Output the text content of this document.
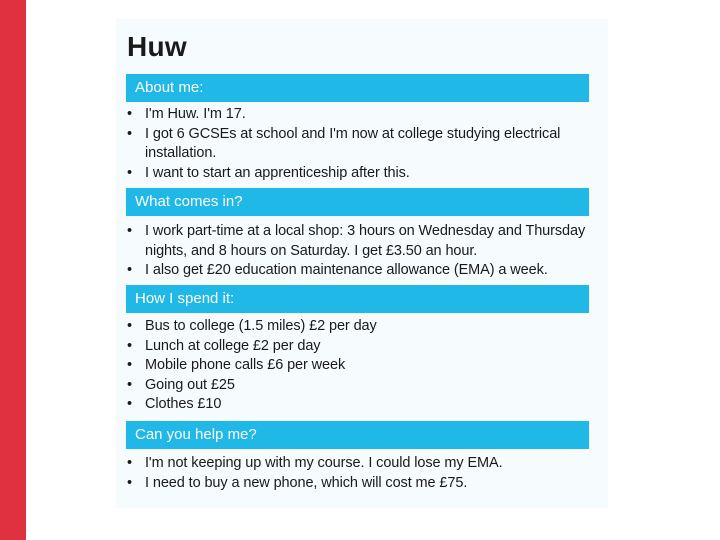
Huw
About me:
• I'm Huw. I'm 17.
• I got 6 GCSEs at school and I'm now at college studying electrical installation.
• I want to start an apprenticeship after this.
What comes in?
• I work part-time at a local shop: 3 hours on Wednesday and Thursday nights, and 8 hours on Saturday. I get £3.50 an hour.
• I also get £20 education maintenance allowance (EMA) a week.
How I spend it:
• Bus to college (1.5 miles) £2 per day
• Lunch at college £2 per day
• Mobile phone calls £6 per week
• Going out £25
• Clothes £10
Can you help me?
• I'm not keeping up with my course. I could lose my EMA.
• I need to buy a new phone, which will cost me £75.
